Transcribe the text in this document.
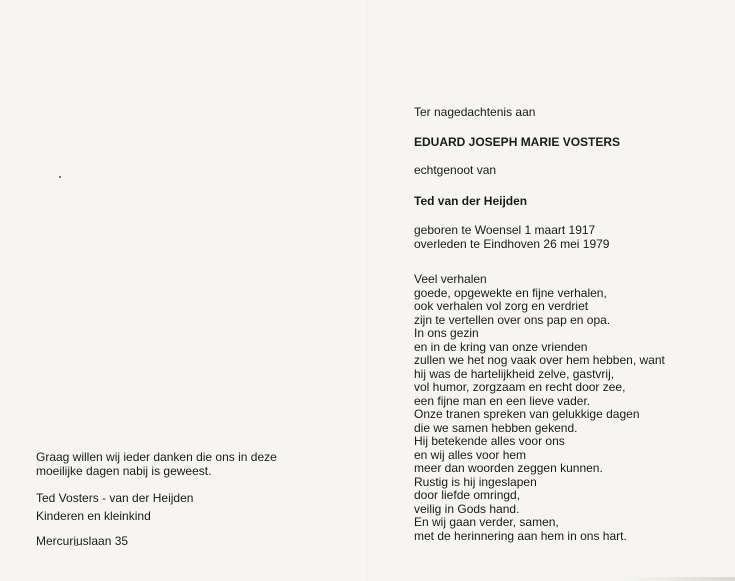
Ter nagedachtenis aan
EDUARD JOSEPH MARIE VOSTERS
echtgenoot van
Ted van der Heijden
geboren te Woensel 1 maart 1917
overleden te Eindhoven 26 mei 1979
Veel verhalen
goede, opgewekte en fijne verhalen,
ook verhalen vol zorg en verdriet
zijn te vertellen over ons pap en opa.
In ons gezin
en in de kring van onze vrienden
zullen we het nog vaak over hem hebben, want
hij was de hartelijkheid zelve, gastvrij,
vol humor, zorgzaam en recht door zee,
een fijne man en een lieve vader.
Onze tranen spreken van gelukkige dagen
die we samen hebben gekend.
Hij betekende alles voor ons
en wij alles voor hem
meer dan woorden zeggen kunnen.
Rustig is hij ingeslapen
door liefde omringd,
veilig in Gods hand.
En wij gaan verder, samen,
met de herinnering aan hem in ons hart.
Graag willen wij ieder danken die ons in deze
moeilijke dagen nabij is geweest.
Ted Vosters - van der Heijden
Kinderen en kleinkind
Mercuriuslaan 35
